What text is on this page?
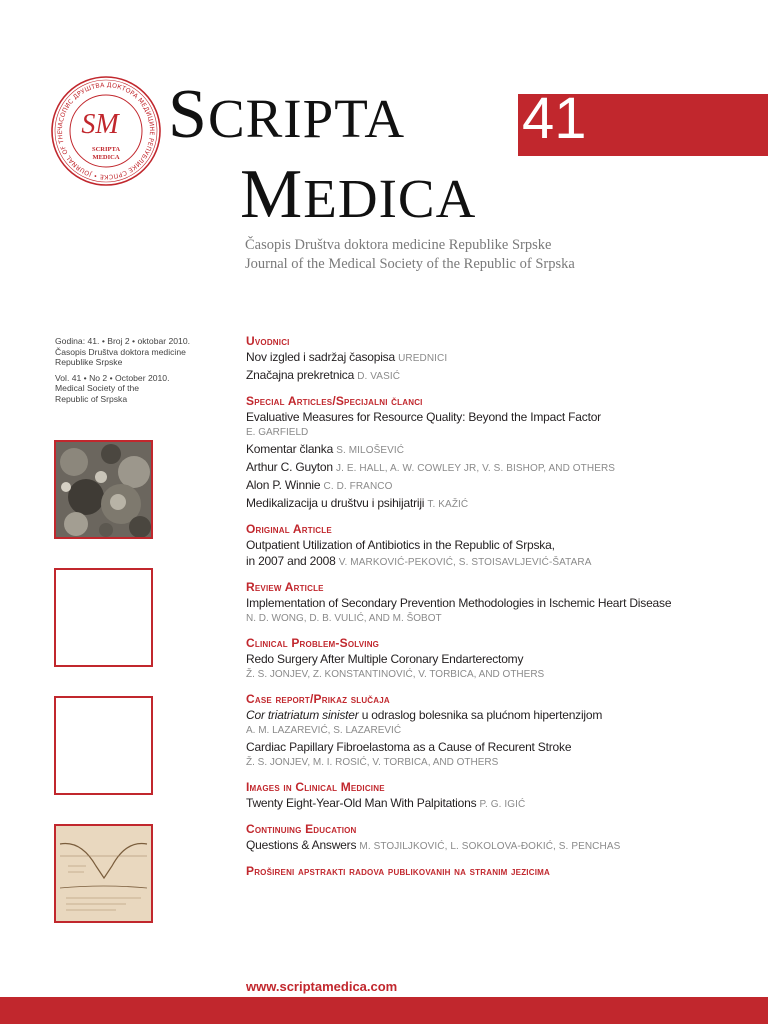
ЧАСОПИС ДРУШТВА ДОКТОРА МЕДИЦИНЕ РЕПУБЛИКЕ СРПСКЕ • JOURNAL OF THE SM
SCRIPTA
MEDICA
41
SCRIPTA
MEDICA
Časopis Društva doktora medicine Republike Srpske
Journal of the Medical Society of the Republic of Srpska

Godina: 41. • Broj 2 • oktobar 2010.

Časopis Društva doktora medicine

Republike Srpske

Vol. 41 • No 2 • October 2010.

Medical Society of the

Republic of Srpska

Uvodnici
Nov izgled i sadržaj časopisa UREDNICI
Značajna prekretnica D. VASIĆ
Special Articles/Specijalni članci
Evaluative Measures for Resource Quality: Beyond the Impact Factor
E. GARFIELD
Komentar članka S. MILOŠEVIĆ
Arthur C. Guyton J. E. HALL, A. W. COWLEY JR, V. S. BISHOP, AND OTHERS
Alon P. Winnie C. D. FRANCO
Medikalizacija u društvu i psihijatriji T. KAŽIĆ
Original Article
Outpatient Utilization of Antibiotics in the Republic of Srpska,
in 2007 and 2008 V. MARKOVIĆ-PEKOVIĆ, S. STOISAVLJEVIĆ-ŠATARA
Review Article
Implementation of Secondary Prevention Methodologies in Ischemic Heart Disease
N. D. WONG, D. B. VULIĆ, AND M. ŠOBOT
Clinical Problem-Solving
Redo Surgery After Multiple Coronary Endarterectomy
Ž. S. JONJEV, Z. KONSTANTINOVIĆ, V. TORBICA, AND OTHERS
Case report/Prikaz slučaja
Cor triatriatum sinister u odraslog bolesnika sa plućnom hipertenzijom
A. M. LAZAREVIĆ, S. LAZAREVIĆ
Cardiac Papillary Fibroelastoma as a Cause of Recurent Stroke
Ž. S. JONJEV, M. I. ROSIĆ, V. TORBICA, AND OTHERS
Images in Clinical Medicine
Twenty Eight-Year-Old Man With Palpitations P. G. IGIĆ
Continuing Education
Questions & Answers M. STOJILJKOVIĆ, L. SOKOLOVA-ĐOKIĆ, S. PENCHAS
Prošireni apstrakti radova publikovanih na stranim jezicima
www.scriptamedica.com
